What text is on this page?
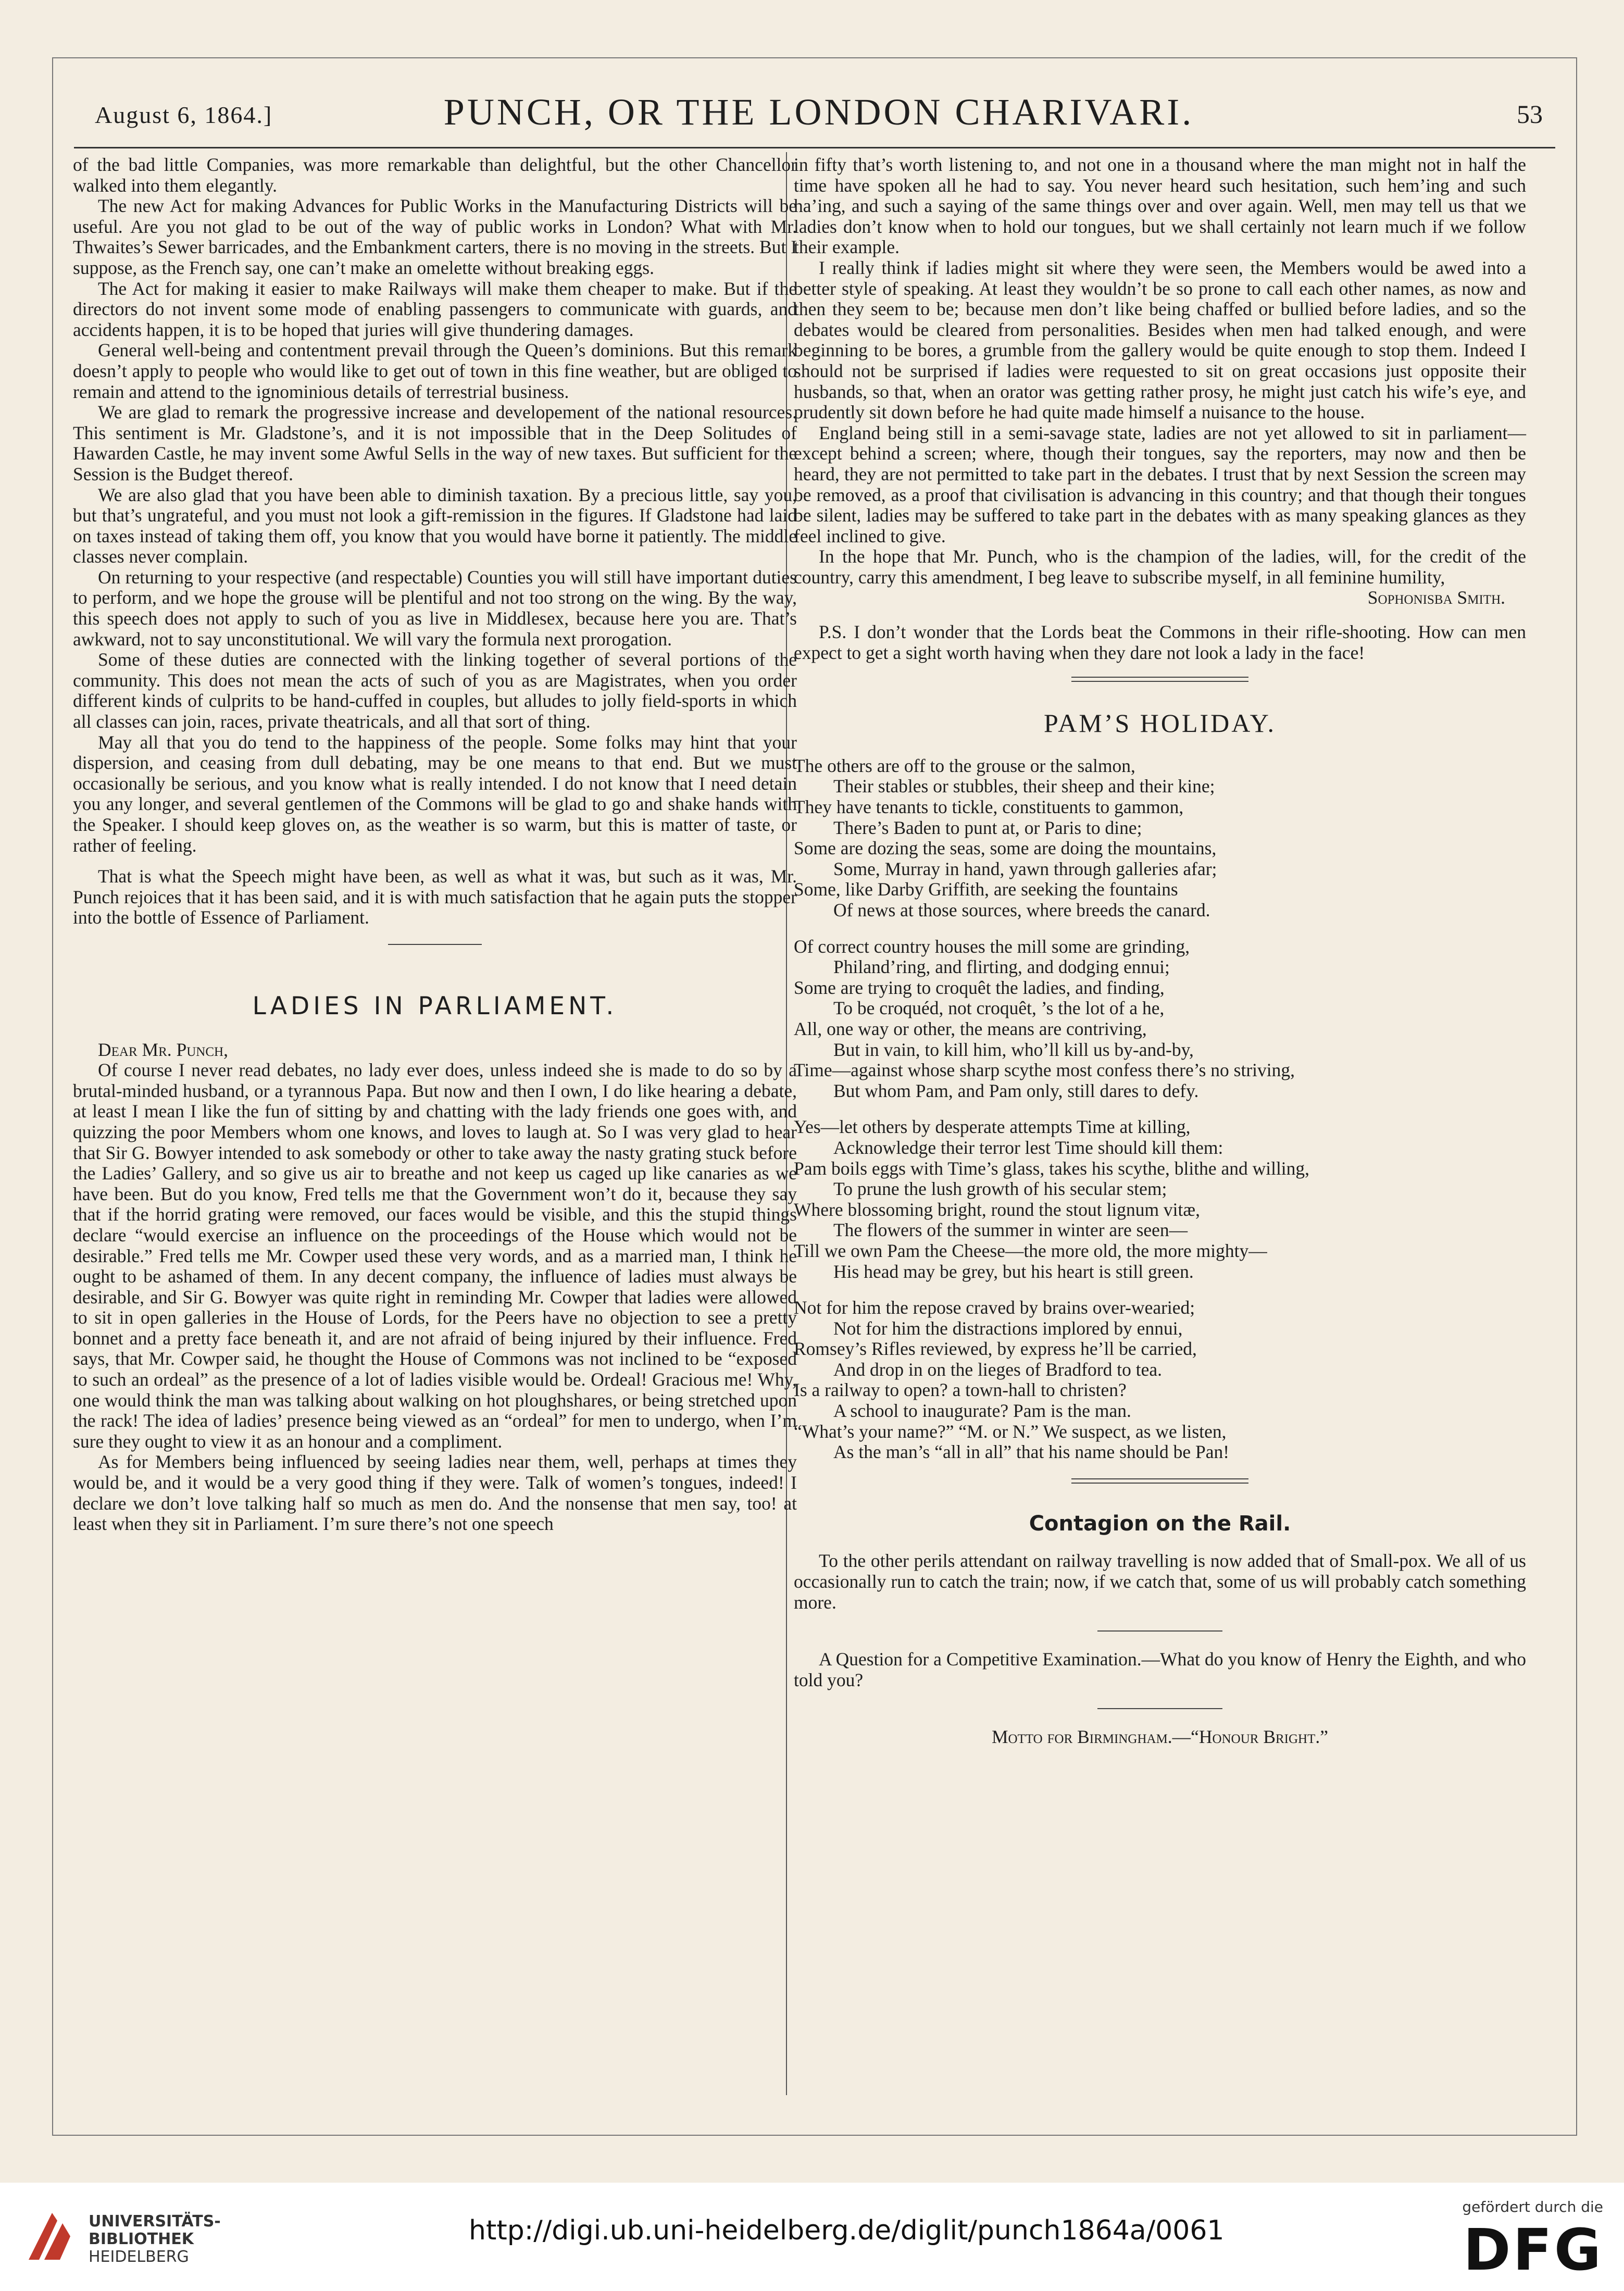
August 6, 1864.]	PUNCH, OR THE LONDON CHARIVARI.	53

of the bad little Companies, was more remarkable than delightful, but the other Chancellor walked into them elegantly.

The new Act for making Advances for Public Works in the Manufacturing Districts will be useful. Are you not glad to be out of the way of public works in London? What with Mr. Thwaites’s Sewer barricades, and the Embankment carters, there is no moving in the streets. But I suppose, as the French say, one can’t make an omelette without breaking eggs.

The Act for making it easier to make Railways will make them cheaper to make. But if the directors do not invent some mode of enabling passengers to communicate with guards, and accidents happen, it is to be hoped that juries will give thundering damages.

General well-being and contentment prevail through the Queen’s dominions. But this remark doesn’t apply to people who would like to get out of town in this fine weather, but are obliged to remain and attend to the ignominious details of terrestrial business.

We are glad to remark the progressive increase and developement of the national resources. This sentiment is Mr. Gladstone’s, and it is not impossible that in the Deep Solitudes of Hawarden Castle, he may invent some Awful Sells in the way of new taxes. But sufficient for the Session is the Budget thereof.

We are also glad that you have been able to diminish taxation. By a precious little, say you, but that’s ungrateful, and you must not look a gift-remission in the figures. If Gladstone had laid on taxes instead of taking them off, you know that you would have borne it patiently. The middle classes never complain.

On returning to your respective (and respectable) Counties you will still have important duties to perform, and we hope the grouse will be plentiful and not too strong on the wing. By the way, this speech does not apply to such of you as live in Middlesex, because here you are. That’s awkward, not to say unconstitutional. We will vary the formula next prorogation.

Some of these duties are connected with the linking together of several portions of the community. This does not mean the acts of such of you as are Magistrates, when you order different kinds of culprits to be hand-cuffed in couples, but alludes to jolly field-sports in which all classes can join, races, private theatricals, and all that sort of thing.

May all that you do tend to the happiness of the people. Some folks may hint that your dispersion, and ceasing from dull debating, may be one means to that end. But we must occasionally be serious, and you know what is really intended. I do not know that I need detain you any longer, and several gentlemen of the Commons will be glad to go and shake hands with the Speaker. I should keep gloves on, as the weather is so warm, but this is matter of taste, or rather of feeling.

That is what the Speech might have been, as well as what it was, but such as it was, Mr. Punch rejoices that it has been said, and it is with much satisfaction that he again puts the stopper into the bottle of Essence of Parliament.

LADIES IN PARLIAMENT.

Dear Mr. Punch,

Of course I never read debates, no lady ever does, unless indeed she is made to do so by a brutal-minded husband, or a tyrannous Papa. But now and then I own, I do like hearing a debate, at least I mean I like the fun of sitting by and chatting with the lady friends one goes with, and quizzing the poor Members whom one knows, and loves to laugh at. So I was very glad to hear that Sir G. Bowyer intended to ask somebody or other to take away the nasty grating stuck before the Ladies’ Gallery, and so give us air to breathe and not keep us caged up like canaries as we have been. But do you know, Fred tells me that the Government won’t do it, because they say that if the horrid grating were removed, our faces would be visible, and this the stupid things declare “would exercise an influence on the proceedings of the House which would not be desirable.” Fred tells me Mr. Cowper used these very words, and as a married man, I think he ought to be ashamed of them. In any decent company, the influence of ladies must always be desirable, and Sir G. Bowyer was quite right in reminding Mr. Cowper that ladies were allowed to sit in open galleries in the House of Lords, for the Peers have no objection to see a pretty bonnet and a pretty face beneath it, and are not afraid of being injured by their influence. Fred says, that Mr. Cowper said, he thought the House of Commons was not inclined to be “exposed to such an ordeal” as the presence of a lot of ladies visible would be. Ordeal! Gracious me! Why, one would think the man was talking about walking on hot ploughshares, or being stretched upon the rack! The idea of ladies’ presence being viewed as an “ordeal” for men to undergo, when I’m sure they ought to view it as an honour and a compliment.

As for Members being influenced by seeing ladies near them, well, perhaps at times they would be, and it would be a very good thing if they were. Talk of women’s tongues, indeed! I declare we don’t love talking half so much as men do. And the nonsense that men say, too! at least when they sit in Parliament. I’m sure there’s not one speech

in fifty that’s worth listening to, and not one in a thousand where the man might not in half the time have spoken all he had to say. You never heard such hesitation, such hem’ing and such ha’ing, and such a saying of the same things over and over again. Well, men may tell us that we ladies don’t know when to hold our tongues, but we shall certainly not learn much if we follow their example.

I really think if ladies might sit where they were seen, the Members would be awed into a better style of speaking. At least they wouldn’t be so prone to call each other names, as now and then they seem to be; because men don’t like being chaffed or bullied before ladies, and so the debates would be cleared from personalities. Besides when men had talked enough, and were beginning to be bores, a grumble from the gallery would be quite enough to stop them. Indeed I should not be surprised if ladies were requested to sit on great occasions just opposite their husbands, so that, when an orator was getting rather prosy, he might just catch his wife’s eye, and prudently sit down before he had quite made himself a nuisance to the house.

England being still in a semi-savage state, ladies are not yet allowed to sit in parliament—except behind a screen; where, though their tongues, say the reporters, may now and then be heard, they are not permitted to take part in the debates. I trust that by next Session the screen may be removed, as a proof that civilisation is advancing in this country; and that though their tongues be silent, ladies may be suffered to take part in the debates with as many speaking glances as they feel inclined to give.

In the hope that Mr. Punch, who is the champion of the ladies, will, for the credit of the country, carry this amendment, I beg leave to subscribe myself, in all feminine humility,

Sophonisba Smith.

P.S. I don’t wonder that the Lords beat the Commons in their rifle-shooting. How can men expect to get a sight worth having when they dare not look a lady in the face!

PAM’S HOLIDAY.
The others are off to the grouse or the salmon,
Their stables or stubbles, their sheep and their kine;
They have tenants to tickle, constituents to gammon,
There’s Baden to punt at, or Paris to dine;
Some are dozing the seas, some are doing the mountains,
Some, Murray in hand, yawn through galleries afar;
Some, like Darby Griffith, are seeking the fountains
Of news at those sources, where breeds the canard.
Of correct country houses the mill some are grinding,
Philand’ring, and flirting, and dodging ennui;
Some are trying to croquêt the ladies, and finding,
To be croquéd, not croquêt, ’s the lot of a he,
All, one way or other, the means are contriving,
But in vain, to kill him, who’ll kill us by-and-by,
Time—against whose sharp scythe most confess there’s no striving,
But whom Pam, and Pam only, still dares to defy.
Yes—let others by desperate attempts Time at killing,
Acknowledge their terror lest Time should kill them:
Pam boils eggs with Time’s glass, takes his scythe, blithe and willing,
To prune the lush growth of his secular stem;
Where blossoming bright, round the stout lignum vitæ,
The flowers of the summer in winter are seen—
Till we own Pam the Cheese—the more old, the more mighty—
His head may be grey, but his heart is still green.
Not for him the repose craved by brains over-wearied;
Not for him the distractions implored by ennui,
Romsey’s Rifles reviewed, by express he’ll be carried,
And drop in on the lieges of Bradford to tea.
Is a railway to open? a town-hall to christen?
A school to inaugurate? Pam is the man.
“What’s your name?” “M. or N.” We suspect, as we listen,
As the man’s “all in all” that his name should be Pan!
Contagion on the Rail.

To the other perils attendant on railway travelling is now added that of Small-pox. We all of us occasionally run to catch the train; now, if we catch that, some of us will probably catch something more.

A Question for a Competitive Examination.—What do you know of Henry the Eighth, and who told you?

Motto for Birmingham.—“Honour Bright.”

UNIVERSITÄTS-
BIBLIOTHEK
HEIDELBERG
http://digi.ub.uni-heidelberg.de/diglit/punch1864a/0061
gefördert durch die
DFG
